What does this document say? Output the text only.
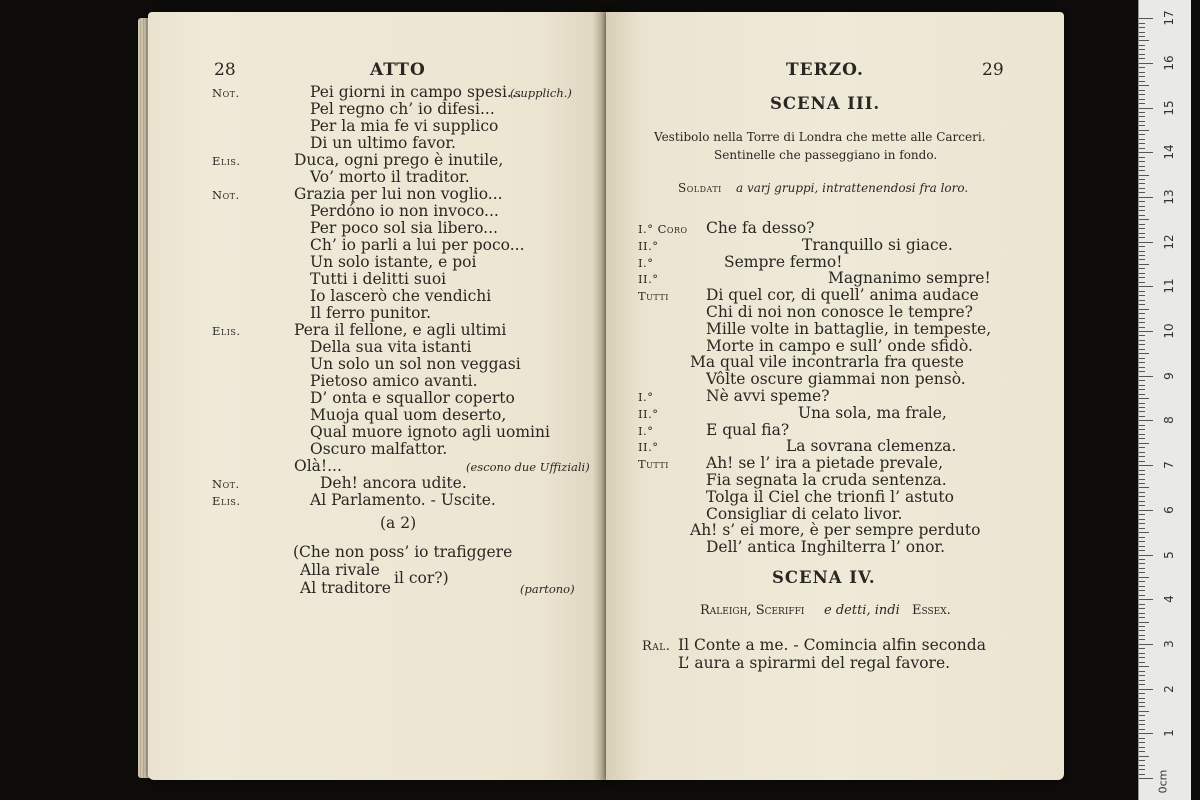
28	ATTO
Not.	Pei giorni in campo spesi...
(supplich.)
Pel regno ch’ io difesi...
Per la mia fe vi supplico
Di un ultimo favor.
Elis.	Duca, ogni prego è inutile,
Vo’ morto il traditor.
Not.	Grazia per lui non voglio...
Perdóno io non invoco...
Per poco sol sia libero...
Ch’ io parli a lui per poco...
Un solo istante, e poi
Tutti i delitti suoi
Io lascerò che vendichi
Il ferro punitor.
Elis.	Pera il fellone, e agli ultimi
Della sua vita istanti
Un solo un sol non veggasi
Pietoso amico avanti.
D’ onta e squallor coperto
Muoja qual uom deserto,
Qual muore ignoto agli uomini
Oscuro malfattor.
Olà!...	(escono due Uffiziali)
Not.	Deh! ancora udite.
Elis.	Al Parlamento. - Uscite.
(a 2)
(Che non poss’ io trafiggere
Alla rivale
Al traditore
il cor?)
(partono)
TERZO.	29
SCENA III.
Vestibolo nella Torre di Londra che mette alle Carceri.
Sentinelle che passeggiano in fondo.
Soldati a varj gruppi, intrattenendosi fra loro.
I.° Coro Che fa desso?
II.°	Tranquillo si giace.
I.°	Sempre fermo!
II.°	Magnanimo sempre!
Tutti Di quel cor, di quell’ anima audace
Chi di noi non conosce le tempre?
Mille volte in battaglie, in tempeste,
Morte in campo e sull’ onde sfidò.
Ma qual vile incontrarla fra queste
Vôlte oscure giammai non pensò.
I.°	Nè avvi speme?
II.°	Una sola, ma frale,
I.°	E qual fia?
II.°	La sovrana clemenza.
Tutti Ah! se l’ ira a pietade prevale,
Fia segnata la cruda sentenza.
Tolga il Ciel che trionfi l’ astuto
Consigliar di celato livor.
Ah! s’ ei more, è per sempre perduto
Dell’ antica Inghilterra l’ onor.
SCENA IV.
Raleigh, Sceriffi e detti, indi Essex.
Ral. Il Conte a me. - Comincia alfin seconda
L’ aura a spirarmi del regal favore.
1
2
3
4
5
6
7
8
9
10
11
12
13
14
15
16
17
0cm
